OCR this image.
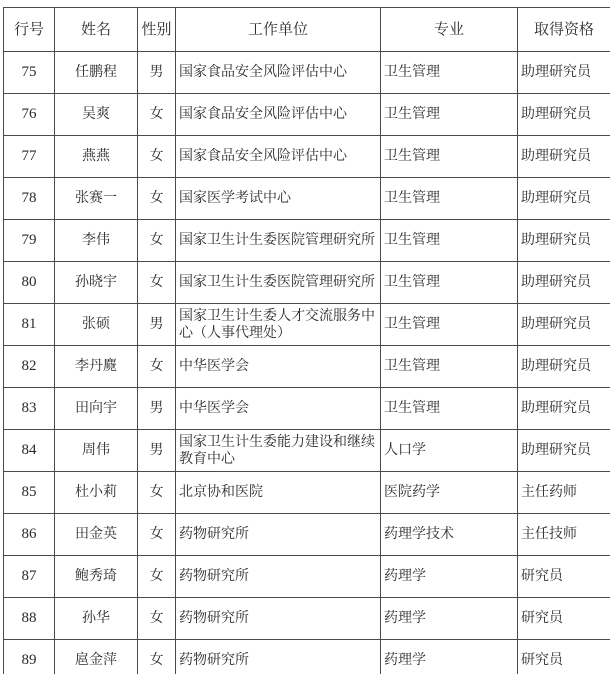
行号	姓名	性别	工作单位	专业	取得资格
75	任鹏程	男	国家食品安全风险评估中心	卫生管理	助理研究员
76	吴爽	女	国家食品安全风险评估中心	卫生管理	助理研究员
77	燕燕	女	国家食品安全风险评估中心	卫生管理	助理研究员
78	张赛一	女	国家医学考试中心	卫生管理	助理研究员
79	李伟	女	国家卫生计生委医院管理研究所	卫生管理	助理研究员
80	孙晓宇	女	国家卫生计生委医院管理研究所	卫生管理	助理研究员
81	张硕	男	国家卫生计生委人才交流服务中心（人事代理处）	卫生管理	助理研究员
82	李丹麑	女	中华医学会	卫生管理	助理研究员
83	田向宇	男	中华医学会	卫生管理	助理研究员
84	周伟	男	国家卫生计生委能力建设和继续教育中心	人口学	助理研究员
85	杜小莉	女	北京协和医院	医院药学	主任药师
86	田金英	女	药物研究所	药理学技术	主任技师
87	鲍秀琦	女	药物研究所	药理学	研究员
88	孙华	女	药物研究所	药理学	研究员
89	扈金萍	女	药物研究所	药理学	研究员
